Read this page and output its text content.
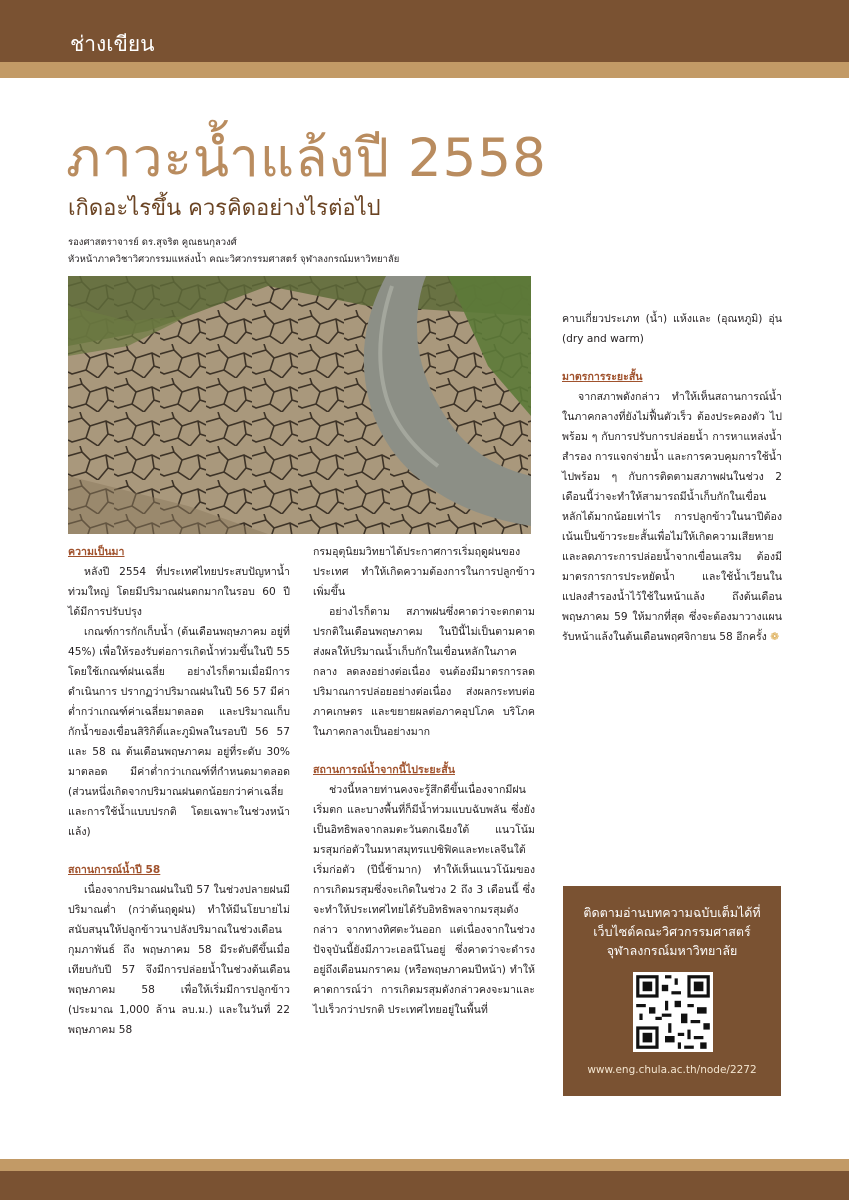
ช่างเขียน
ภาวะน้ำแล้งปี 2558
เกิดอะไรขึ้น ควรคิดอย่างไรต่อไป
รองศาสตราจารย์ ดร.สุจริต คูณธนกุลวงศ์
หัวหน้าภาควิชาวิศวกรรมแหล่งน้ำ คณะวิศวกรรมศาสตร์ จุฬาลงกรณ์มหาวิทยาลัย
ความเป็นมา

หลังปี 2554 ที่ประเทศไทยประสบปัญหาน้ำท่วมใหญ่ โดยมีปริมาณฝนตกมากในรอบ 60 ปี ได้มีการปรับปรุง

เกณฑ์การกักเก็บน้ำ (ต้นเดือนพฤษภาคม อยู่ที่ 45%) เพื่อให้รองรับต่อการเกิดน้ำท่วมขึ้นในปี 55 โดยใช้เกณฑ์ฝนเฉลี่ย อย่างไรก็ตามเมื่อมีการดำเนินการ ปรากฏว่าปริมาณฝนในปี 56 57 มีค่าต่ำกว่าเกณฑ์ค่าเฉลี่ยมาตลอด และปริมาณเก็บกักน้ำของเขื่อนสิริกิติ์และภูมิพลในรอบปี 56 57 และ 58 ณ ต้นเดือนพฤษภาคม อยู่ที่ระดับ 30% มาตลอด มีค่าต่ำกว่าเกณฑ์ที่กำหนดมาตลอด (ส่วนหนึ่งเกิดจากปริมาณฝนตกน้อยกว่าค่าเฉลี่ยและการใช้น้ำแบบปรกติ โดยเฉพาะในช่วงหน้าแล้ง)

สถานการณ์น้ำปี 58

เนื่องจากปริมาณฝนในปี 57 ในช่วงปลายฝนมีปริมาณต่ำ (กว่าต้นฤดูฝน) ทำให้มีนโยบายไม่สนับสนุนให้ปลูกข้าวนาปลังปริมาณในช่วงเดือน กุมภาพันธ์ ถึง พฤษภาคม 58 มีระดับดีขึ้นเมื่อเทียบกับปี 57 จึงมีการปล่อยน้ำในช่วงต้นเดือนพฤษภาคม 58 เพื่อให้เริ่มมีการปลูกข้าว (ประมาณ 1,000 ล้าน ลบ.ม.) และในวันที่ 22 พฤษภาคม 58

กรมอุตุนิยมวิทยาได้ประกาศการเริ่มฤดูฝนของประเทศ ทำให้เกิดความต้องการในการปลูกข้าวเพิ่มขึ้น

อย่างไรก็ตาม สภาพฝนซึ่งคาดว่าจะตกตามปรกติในเดือนพฤษภาคม ในปีนี้ไม่เป็นตามคาด ส่งผลให้ปริมาณน้ำเก็บกักในเขื่อนหลักในภาคกลาง ลดลงอย่างต่อเนื่อง จนต้องมีมาตรการลดปริมาณการปล่อยอย่างต่อเนื่อง ส่งผลกระทบต่อภาคเกษตร และขยายผลต่อภาคอุปโภค บริโภค ในภาคกลางเป็นอย่างมาก

สถานการณ์น้ำจากนี้ไประยะสั้น

ช่วงนี้หลายท่านคงจะรู้สึกดีขึ้นเนื่องจากมีฝนเริ่มตก และบางพื้นที่ก็มีน้ำท่วมแบบฉับพลัน ซึ่งยังเป็นอิทธิพลจากลมตะวันตกเฉียงใต้ แนวโน้มมรสุมก่อตัวในมหาสมุทรแปซิฟิคและทะเลจีนใต้เริ่มก่อตัว (ปีนี้ช้ามาก) ทำให้เห็นแนวโน้มของการเกิดมรสุมซึ่งจะเกิดในช่วง 2 ถึง 3 เดือนนี้ ซึ่งจะทำให้ประเทศไทยได้รับอิทธิพลจากมรสุมดังกล่าว จากทางทิศตะวันออก แต่เนื่องจากในช่วงปัจจุบันนี้ยังมีภาวะเอลนีโนอยู่ ซึ่งคาดว่าจะดำรงอยู่ถึงเดือนมกราคม (หรือพฤษภาคมปีหน้า) ทำให้คาดการณ์ว่า การเกิดมรสุมดังกล่าวคงจะมาและไปเร็วกว่าปรกติ ประเทศไทยอยู่ในพื้นที่

คาบเกี่ยวประเภท (น้ำ) แห้งและ (อุณหภูมิ) อุ่น (dry and warm)

มาตรการระยะสั้น

จากสภาพดังกล่าว ทำให้เห็นสถานการณ์น้ำในภาคกลางที่ยังไม่ฟื้นตัวเร็ว ต้องประคองตัว ไปพร้อม ๆ กับการปรับการปล่อยน้ำ การหาแหล่งน้ำสำรอง การแจกจ่ายน้ำ และการควบคุมการใช้น้ำไปพร้อม ๆ กับการติดตามสภาพฝนในช่วง 2 เดือนนี้ว่าจะทำให้สามารถมีน้ำเก็บกักในเขื่อนหลักได้มากน้อยเท่าไร การปลูกข้าวในนาปีต้องเน้นเป็นข้าวระยะสั้นเพื่อไม่ให้เกิดความเสียหาย และลดภาระการปล่อยน้ำจากเขื่อนเสริม ต้องมีมาตรการการประหยัดน้ำ และใช้น้ำเวียนในแปลงสำรองน้ำไว้ใช้ในหน้าแล้ง ถึงต้นเดือนพฤษภาคม 59 ให้มากที่สุด ซึ่งจะต้องมาวางแผนรับหน้าแล้งในต้นเดือนพฤศจิกายน 58 อีกครั้ง ❁

ติดตามอ่านบทความฉบับเต็มได้ที่
เว็บไซต์คณะวิศวกรรมศาสตร์
จุฬาลงกรณ์มหาวิทยาลัย
www.eng.chula.ac.th/node/2272
